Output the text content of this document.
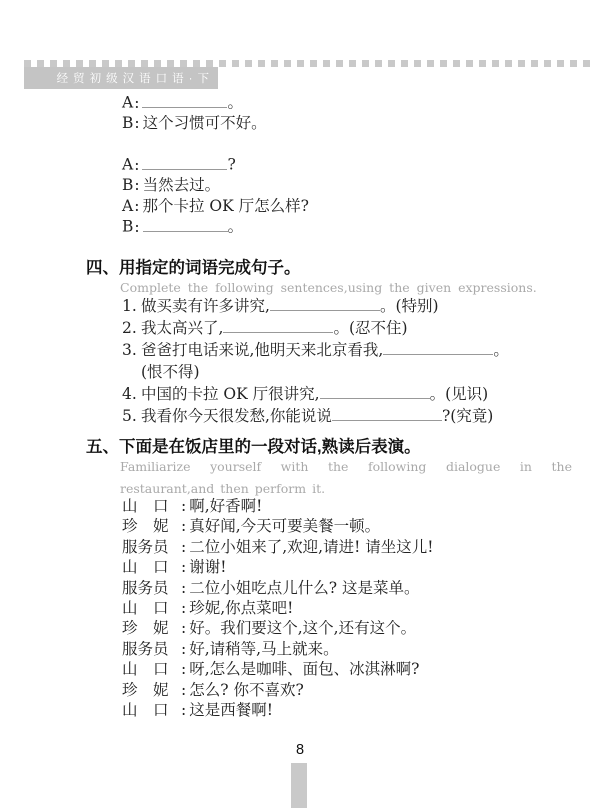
经贸初级汉语口语·下
A:	。
B: 这个习惯可不好。
A:	?
B: 当然去过。
A: 那个卡拉 OK 厅怎么样?
B:	。
四、用指定的词语完成句子。
Complete the following sentences,using the given expressions.
1. 做买卖有许多讲究,	。(特别)
2. 我太高兴了,	。(忍不住)
3. 爸爸打电话来说,他明天来北京看我,	。
(恨不得)
4. 中国的卡拉 OK 厅很讲究,	。(见识)
5. 我看你今天很发愁,你能说说	?(究竟)
五、下面是在饭店里的一段对话,熟读后表演。
Familiarize yourself with the following dialogue in the restaurant,and then perform it.
山　口 : 啊,好香啊!
珍　妮 : 真好闻,今天可要美餐一顿。
服务员 : 二位小姐来了,欢迎,请进! 请坐这儿!
山　口 : 谢谢!
服务员 : 二位小姐吃点儿什么? 这是菜单。
山　口 : 珍妮,你点菜吧!
珍　妮 : 好。我们要这个,这个,还有这个。
服务员 : 好,请稍等,马上就来。
山　口 : 呀,怎么是咖啡、面包、冰淇淋啊?
珍　妮 : 怎么? 你不喜欢?
山　口 : 这是西餐啊!
8
